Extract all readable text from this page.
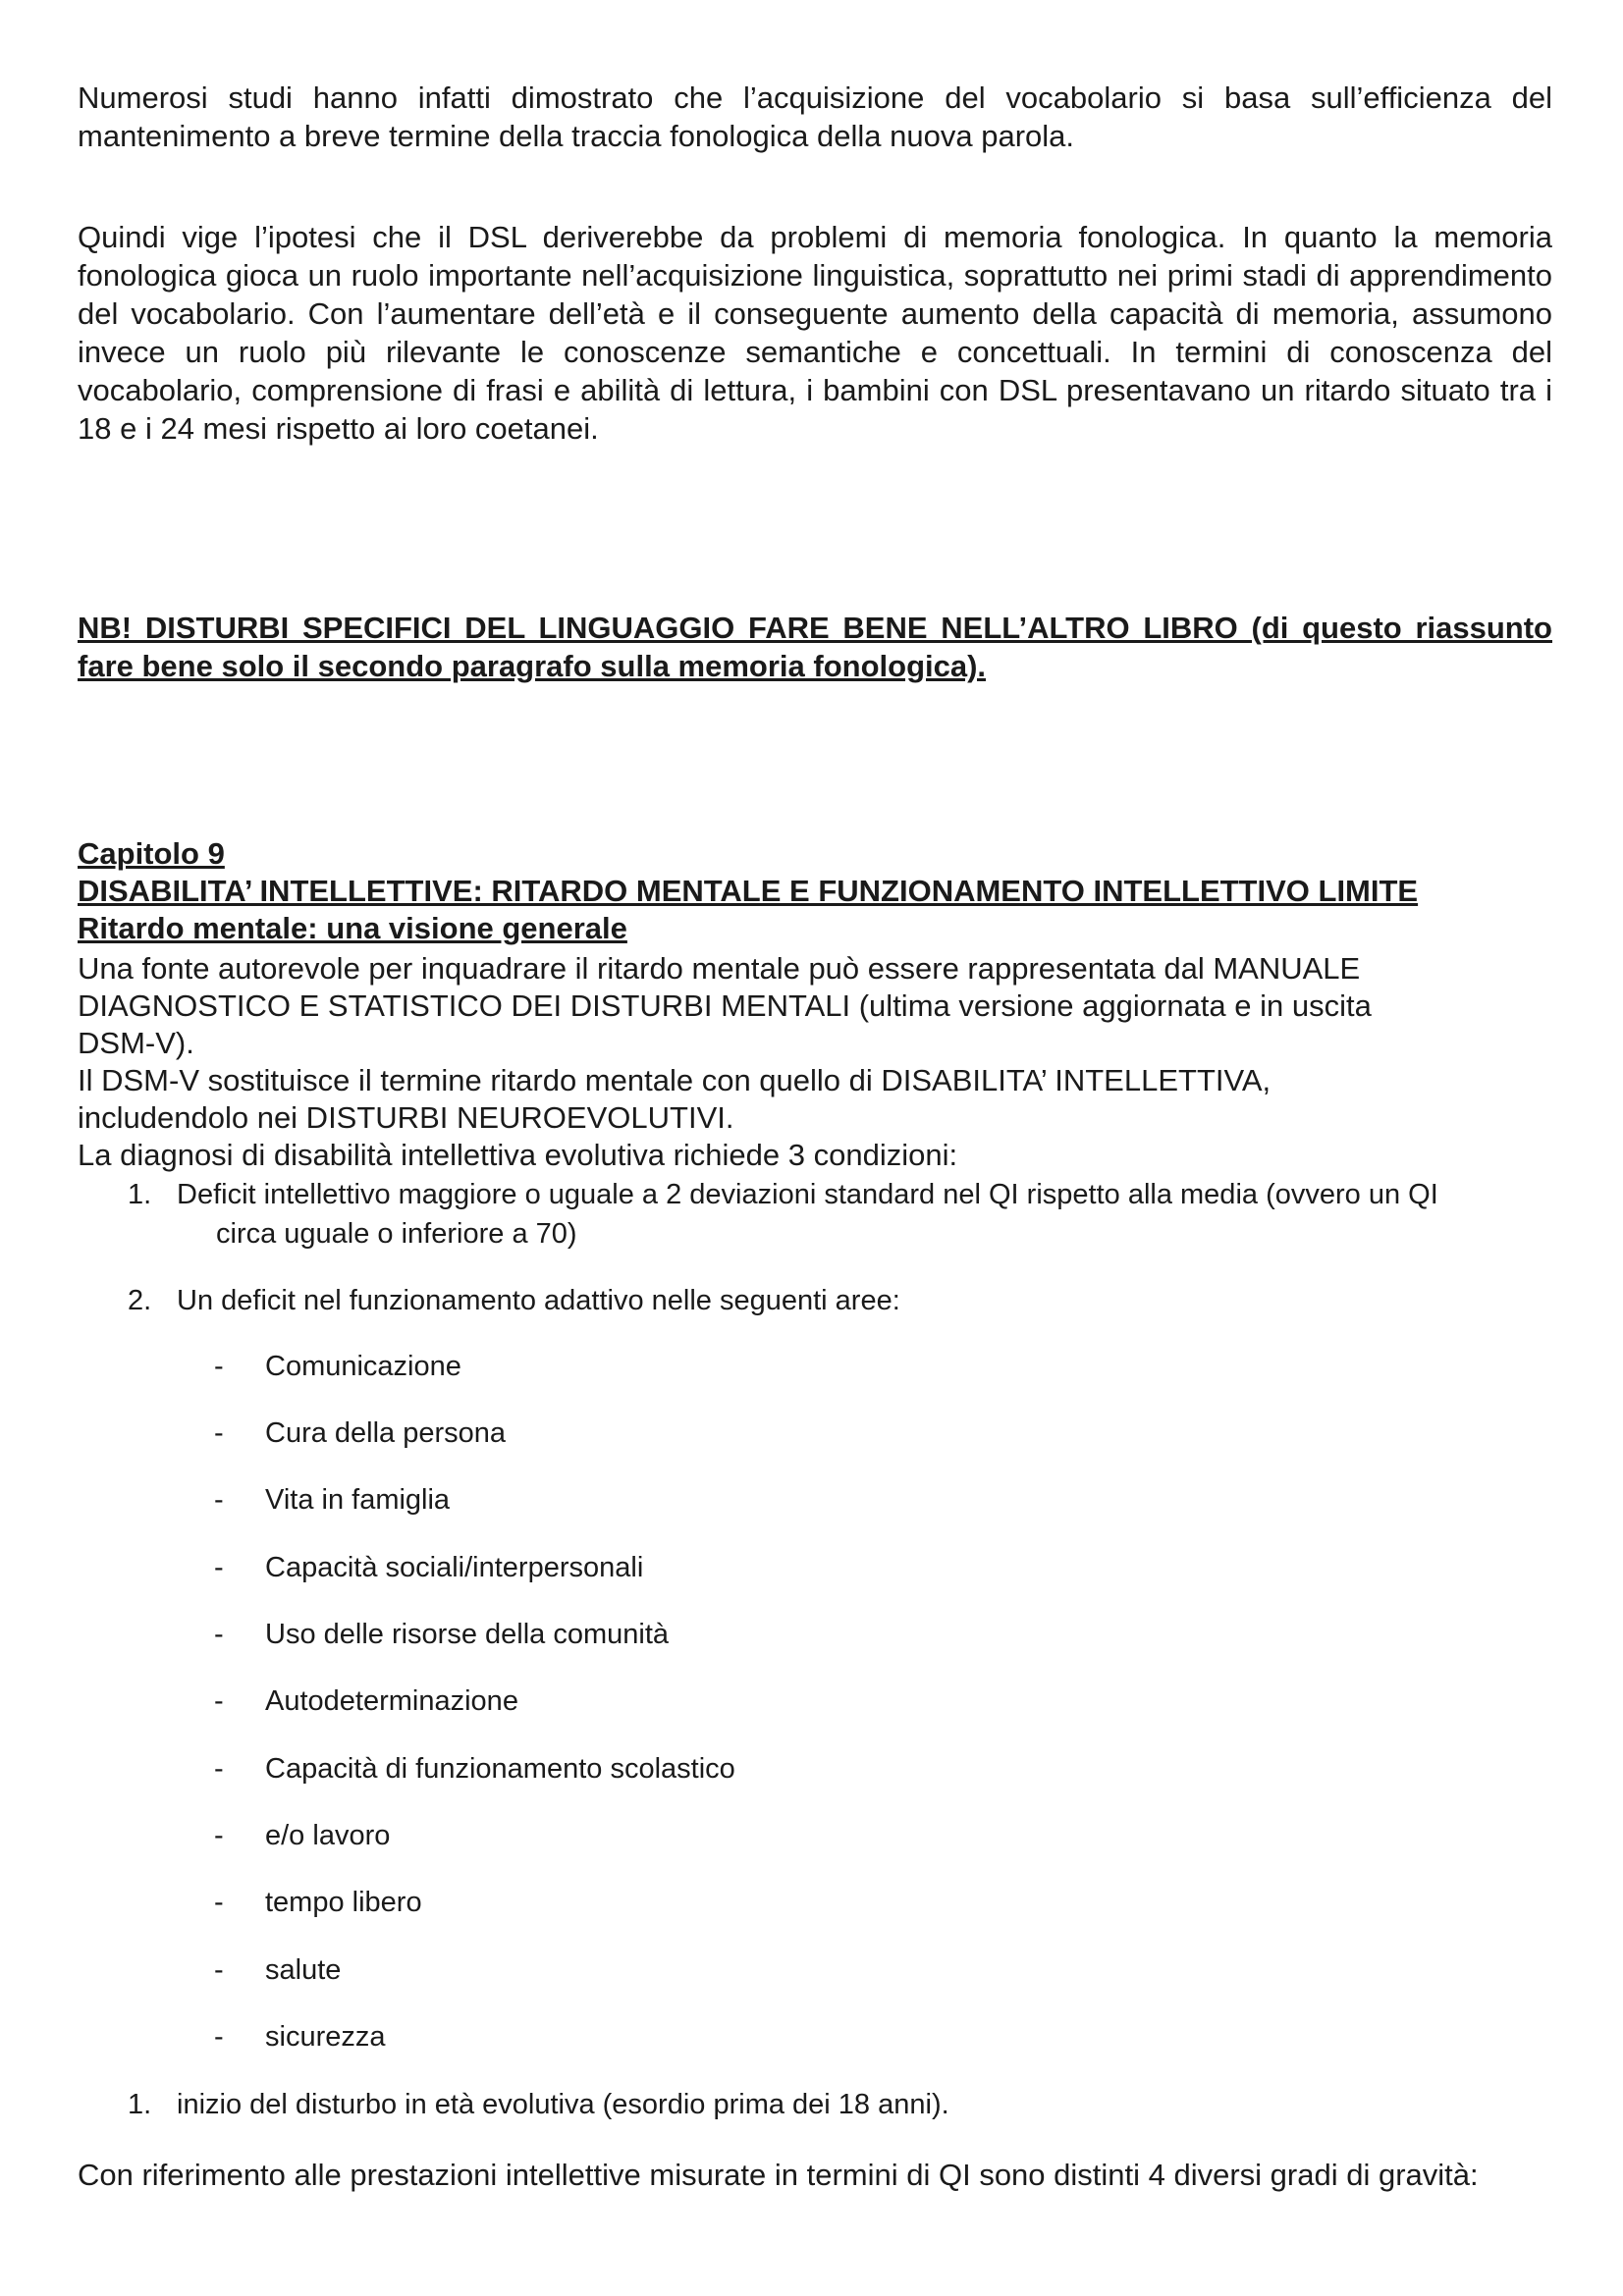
Numerosi studi hanno infatti dimostrato che l’acquisizione del vocabolario si basa sull’efficienza del mantenimento a breve termine della traccia fonologica della nuova parola.

Quindi vige l’ipotesi che il DSL deriverebbe da problemi di memoria fonologica. In quanto la memoria fonologica gioca un ruolo importante nell’acquisizione linguistica, soprattutto nei primi stadi di apprendimento del vocabolario. Con l’aumentare dell’età e il conseguente aumento della capacità di memoria, assumono invece un ruolo più rilevante le conoscenze semantiche e concettuali. In termini di conoscenza del vocabolario, comprensione di frasi e abilità di lettura, i bambini con DSL presentavano un ritardo situato tra i 18 e i 24 mesi rispetto ai loro coetanei.

NB! DISTURBI SPECIFICI DEL LINGUAGGIO FARE BENE NELL’ALTRO LIBRO (di questo riassunto fare bene solo il secondo paragrafo sulla memoria fonologica).

Capitolo 9

DISABILITA’ INTELLETTIVE: RITARDO MENTALE E FUNZIONAMENTO INTELLETTIVO LIMITE

Ritardo mentale: una visione generale

Una fonte autorevole per inquadrare il ritardo mentale può essere rappresentata dal MANUALE
DIAGNOSTICO E STATISTICO DEI DISTURBI MENTALI (ultima versione aggiornata e in uscita
DSM-V).
Il DSM-V sostituisce il termine ritardo mentale con quello di DISABILITA’ INTELLETTIVA,
includendolo nei DISTURBI NEUROEVOLUTIVI.
La diagnosi di disabilità intellettiva evolutiva richiede 3 condizioni:
1. Deficit intellettivo maggiore o uguale a 2 deviazioni standard nel QI rispetto alla media (ovvero un QI
circa uguale o inferiore a 70)
2. Un deficit nel funzionamento adattivo nelle seguenti aree:
- Comunicazione
- Cura della persona
- Vita in famiglia
- Capacità sociali/interpersonali
- Uso delle risorse della comunità
- Autodeterminazione
- Capacità di funzionamento scolastico
- e/o lavoro
- tempo libero
- salute
- sicurezza
1. inizio del disturbo in età evolutiva (esordio prima dei 18 anni).

Con riferimento alle prestazioni intellettive misurate in termini di QI sono distinti 4 diversi gradi di gravità:
